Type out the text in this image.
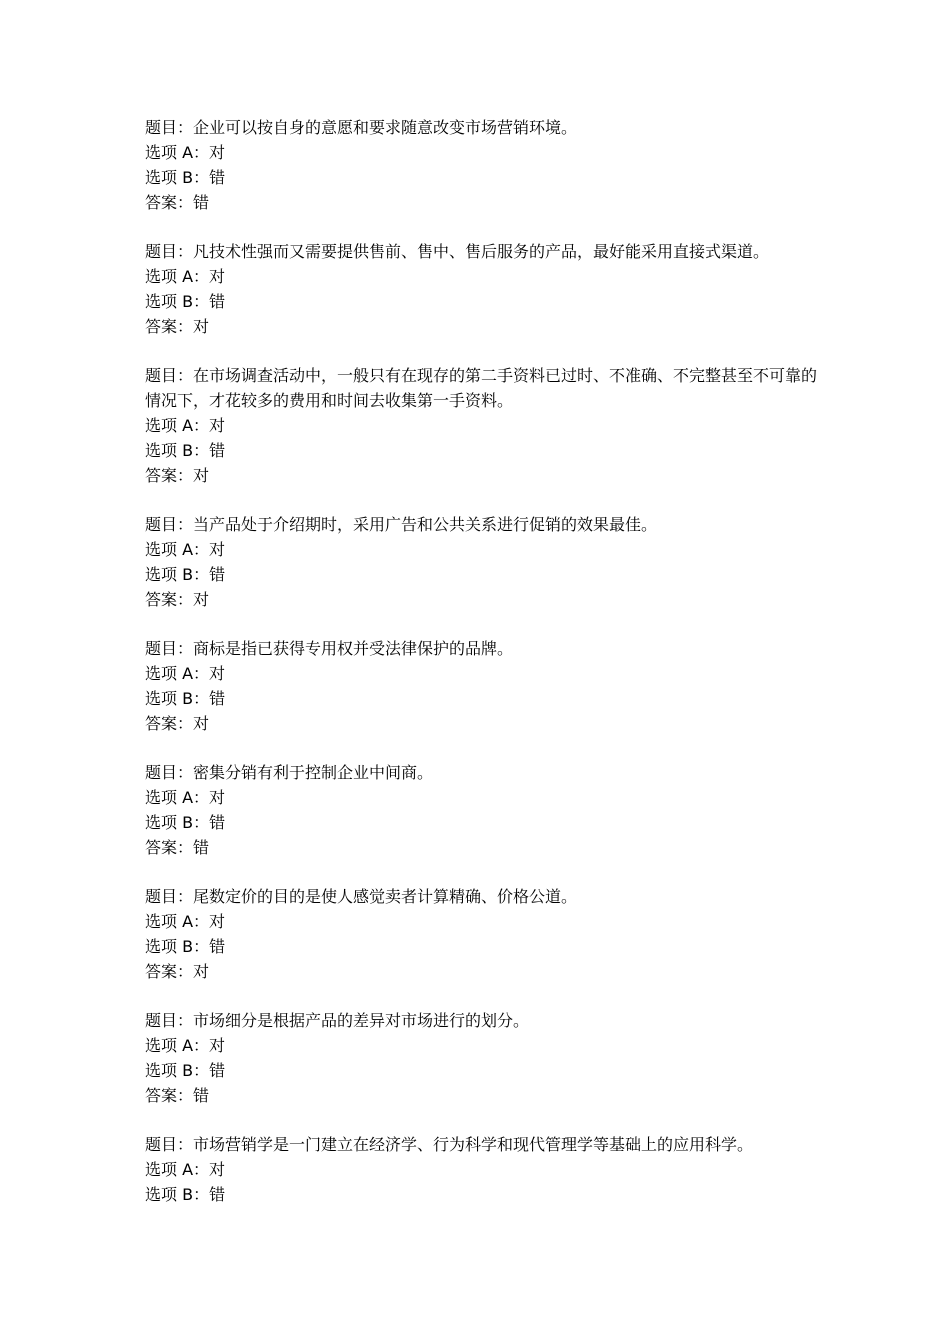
题目：企业可以按自身的意愿和要求随意改变市场营销环境。
选项 A：对
选项 B：错
答案：错
题目：凡技术性强而又需要提供售前、售中、售后服务的产品，最好能采用直接式渠道。
选项 A：对
选项 B：错
答案：对
题目：在市场调查活动中，一般只有在现存的第二手资料已过时、不准确、不完整甚至不可靠的情况下，才花较多的费用和时间去收集第一手资料。
选项 A：对
选项 B：错
答案：对
题目：当产品处于介绍期时，采用广告和公共关系进行促销的效果最佳。
选项 A：对
选项 B：错
答案：对
题目：商标是指已获得专用权并受法律保护的品牌。
选项 A：对
选项 B：错
答案：对
题目：密集分销有利于控制企业中间商。
选项 A：对
选项 B：错
答案：错
题目：尾数定价的目的是使人感觉卖者计算精确、价格公道。
选项 A：对
选项 B：错
答案：对
题目：市场细分是根据产品的差异对市场进行的划分。
选项 A：对
选项 B：错
答案：错
题目：市场营销学是一门建立在经济学、行为科学和现代管理学等基础上的应用科学。
选项 A：对
选项 B：错
